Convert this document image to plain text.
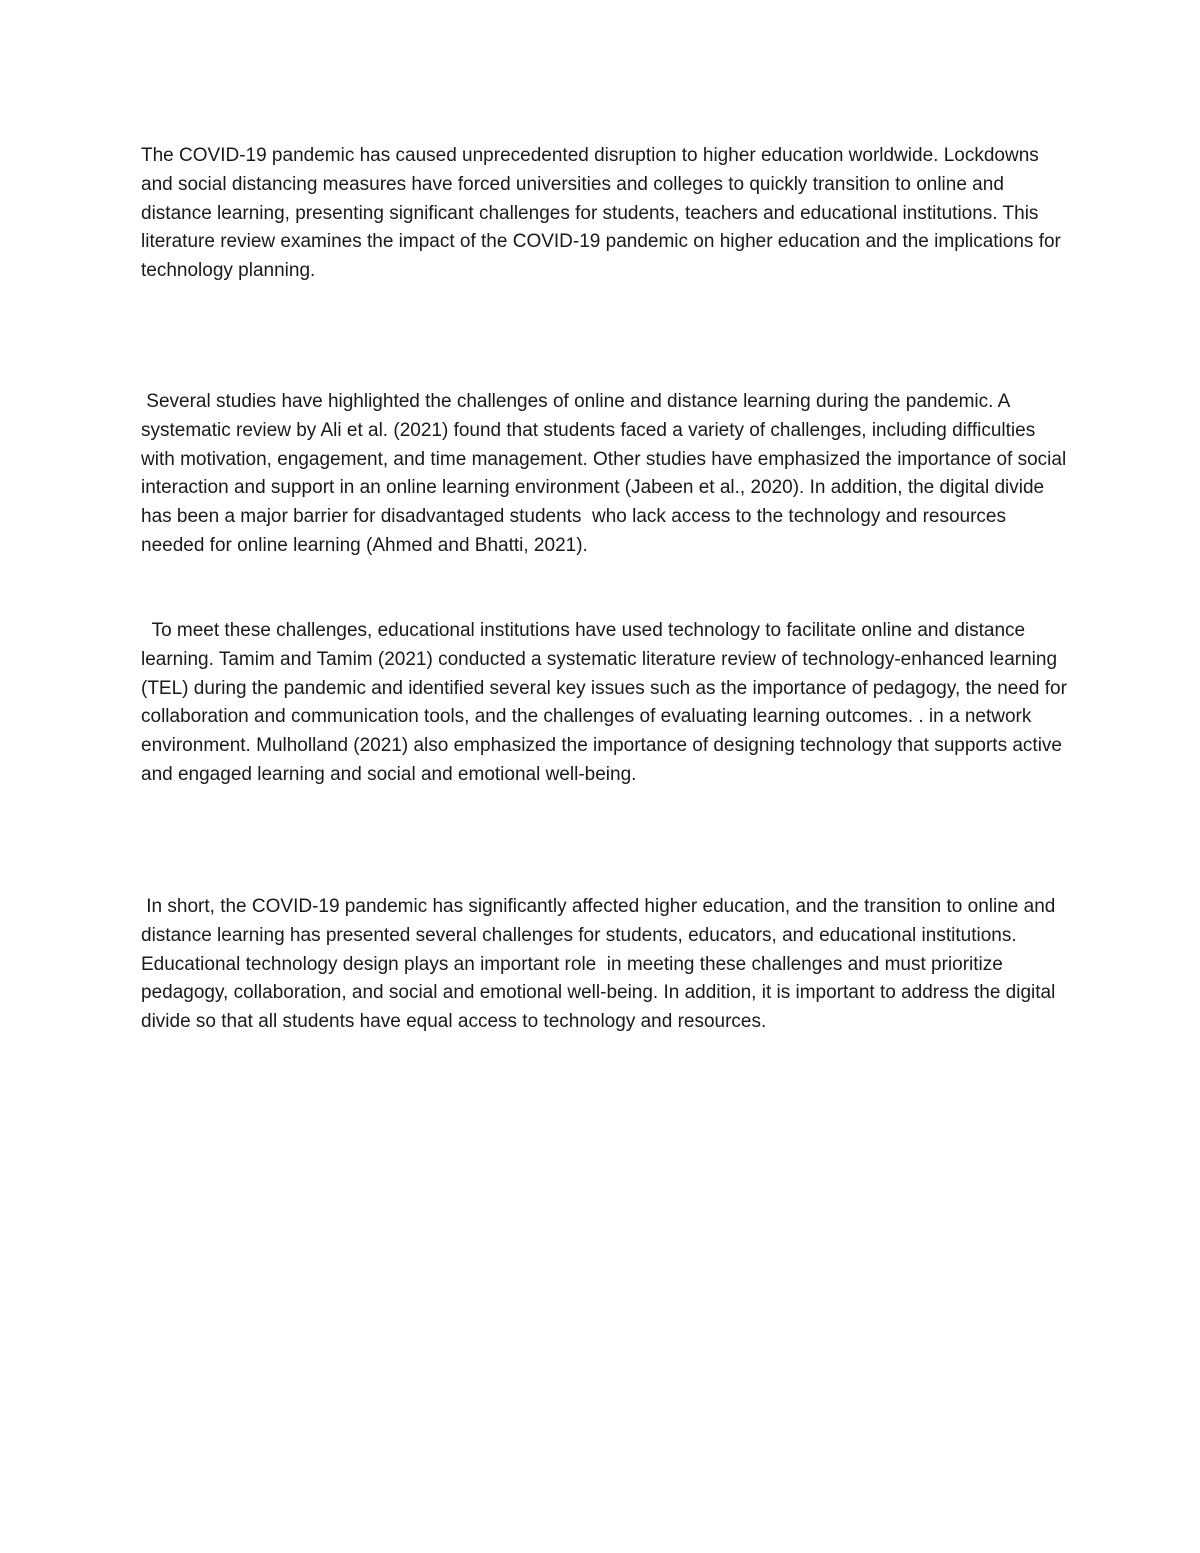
The COVID-19 pandemic has caused unprecedented disruption to higher education worldwide. Lockdowns and social distancing measures have forced universities and colleges to quickly transition to online and distance learning, presenting significant challenges for students, teachers and educational institutions. This literature review examines the impact of the COVID-19 pandemic on higher education and the implications for technology planning.

Several studies have highlighted the challenges of online and distance learning during the pandemic. A systematic review by Ali et al. (2021) found that students faced a variety of challenges, including difficulties with motivation, engagement, and time management. Other studies have emphasized the importance of social interaction and support in an online learning environment (Jabeen et al., 2020). In addition, the digital divide has been a major barrier for disadvantaged students  who lack access to the technology and resources needed for online learning (Ahmed and Bhatti, 2021).

To meet these challenges, educational institutions have used technology to facilitate online and distance learning. Tamim and Tamim (2021) conducted a systematic literature review of technology-enhanced learning (TEL) during the pandemic and identified several key issues such as the importance of pedagogy, the need for collaboration and communication tools, and the challenges of evaluating learning outcomes. . in a network environment. Mulholland (2021) also emphasized the importance of designing technology that supports active and engaged learning and social and emotional well-being.

In short, the COVID-19 pandemic has significantly affected higher education, and the transition to online and distance learning has presented several challenges for students, educators, and educational institutions. Educational technology design plays an important role  in meeting these challenges and must prioritize pedagogy, collaboration, and social and emotional well-being. In addition, it is important to address the digital divide so that all students have equal access to technology and resources.
